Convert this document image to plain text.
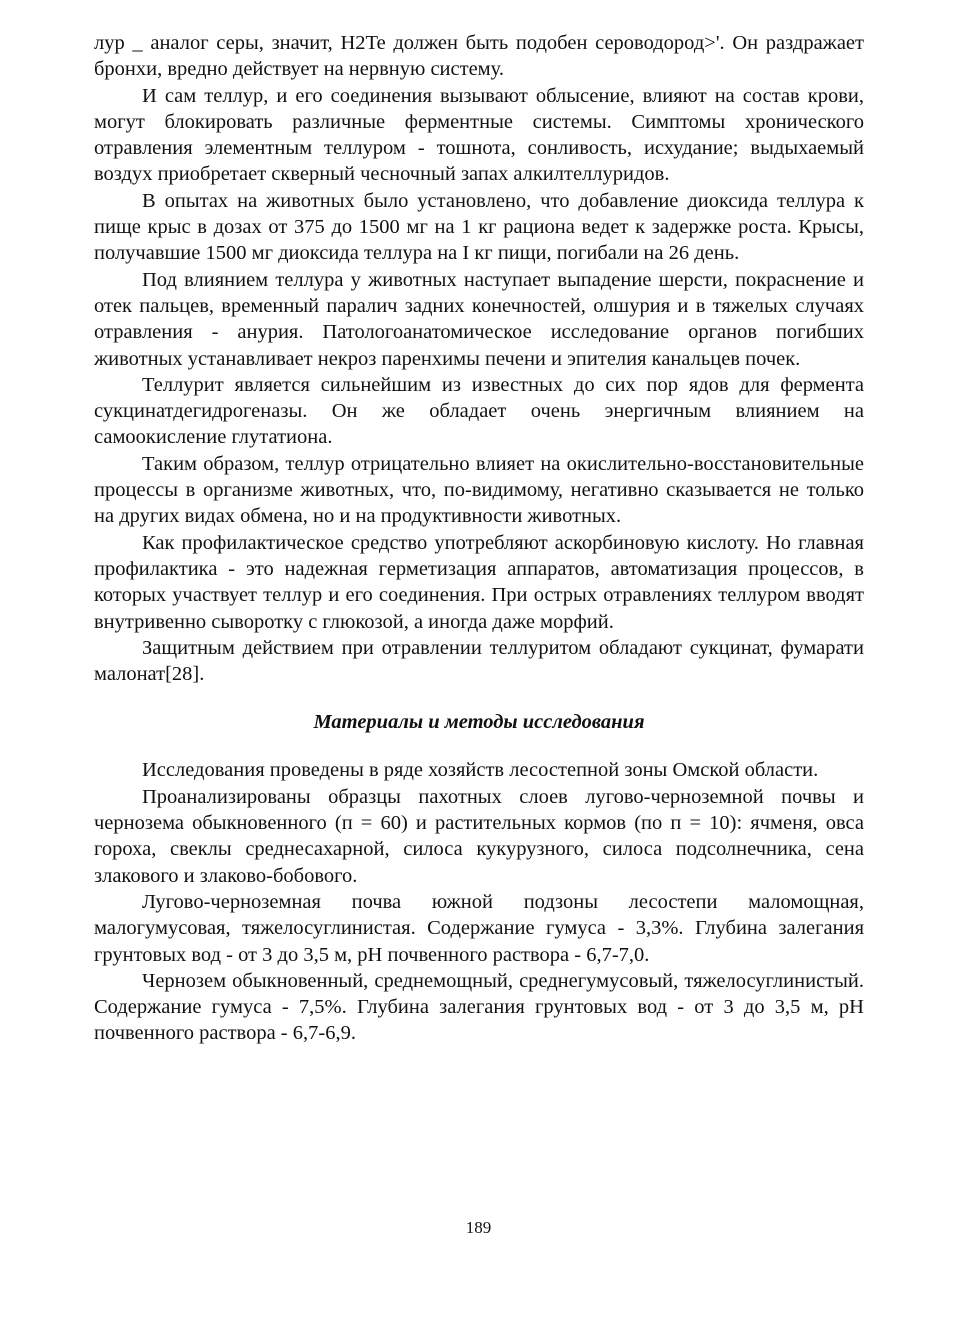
лур _ аналог серы, значит, H2Te должен быть подобен сероводород>'. Он раздражает бронхи, вредно действует на нервную систему.

И сам теллур, и его соединения вызывают облысение, влияют на состав крови, могут блокировать различные ферментные системы. Симптомы хронического отравления элементным теллуром - тошнота, сонливость, исхудание; выдыхаемый воздух приобретает скверный чесночный запах алкилтеллуридов.

В опытах на животных было установлено, что добавление диоксида теллура к пище крыс в дозах от 375 до 1500 мг на 1 кг рациона ведет к задержке роста. Крысы, получавшие 1500 мг диоксида теллура на I кг пищи, погибали на 26 день.

Под влиянием теллура у животных наступает выпадение шерсти, покраснение и отек пальцев, временный паралич задних конечностей, олшурия и в тяжелых случаях отравления - анурия. Патологоанатомическое исследование органов погибших животных устанавливает некроз паренхимы печени и эпителия канальцев почек.

Теллурит является сильнейшим из известных до сих пор ядов для фермента сукцинатдегидрогеназы. Он же обладает очень энергичным влиянием на самоокисление глутатиона.

Таким образом, теллур отрицательно влияет на окислительно-восстановительные процессы в организме животных, что, по-видимому, негативно сказывается не только на других видах обмена, но и на продуктивности животных.

Как профилактическое средство употребляют аскорбиновую кислоту. Но главная профилактика - это надежная герметизация аппаратов, автоматизация процессов, в которых участвует теллур и его соединения. При острых отравлениях теллуром вводят внутривенно сыворотку с глюкозой, а иногда даже морфий.

Защитным действием при отравлении теллуритом обладают сукцинат, фумарати малонат[28].

Материалы и методы исследования

Исследования проведены в ряде хозяйств лесостепной зоны Омской области.

Проанализированы образцы пахотных слоев лугово-черноземной почвы и чернозема обыкновенного (п = 60) и растительных кормов (по п = 10): ячменя, овса гороха, свеклы среднесахарной, силоса кукурузного, силоса подсолнечника, сена злакового и злаково-бобового.

Лугово-черноземная почва южной подзоны лесостепи маломощная, малогумусовая, тяжелосуглинистая. Содержание гумуса - 3,3%. Глубина залегания грунтовых вод - от 3 до 3,5 м, pH почвенного раствора - 6,7-7,0.

Чернозем обыкновенный, среднемощный, среднегумусовый, тяжелосуглинистый. Содержание гумуса - 7,5%. Глубина залегания грунтовых вод - от 3 до 3,5 м, pH почвенного раствора - 6,7-6,9.

189
